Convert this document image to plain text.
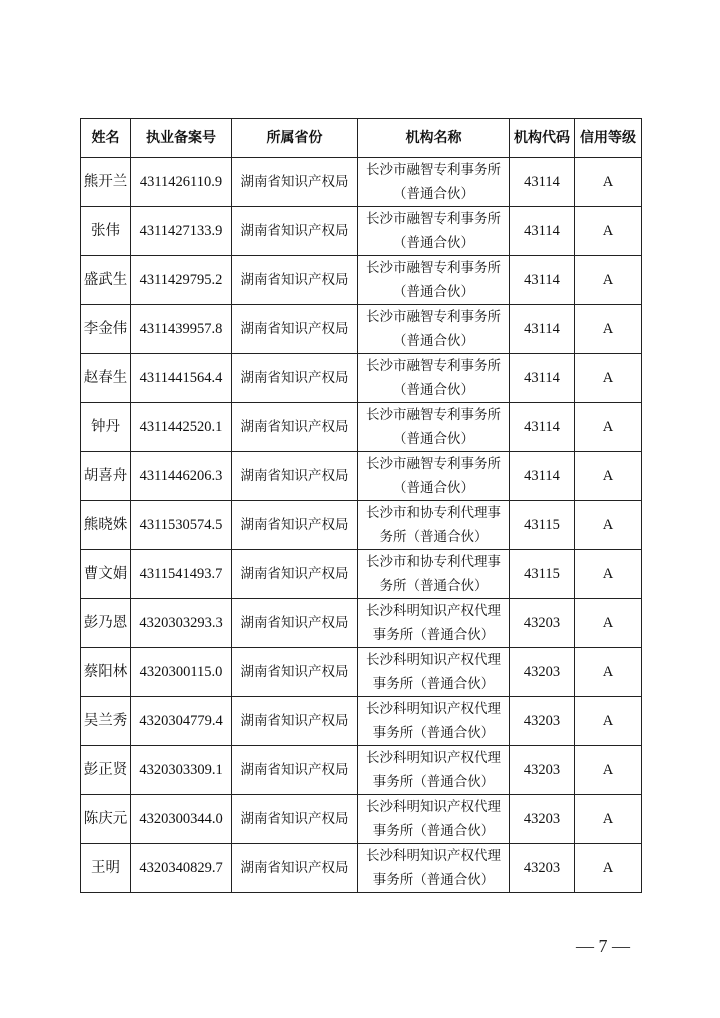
姓名	执业备案号	所属省份	机构名称	机构代码	信用等级
熊开兰	4311426110.9	湖南省知识产权局	长沙市融智专利事务所（普通合伙）	43114	A
张伟	4311427133.9	湖南省知识产权局	长沙市融智专利事务所（普通合伙）	43114	A
盛武生	4311429795.2	湖南省知识产权局	长沙市融智专利事务所（普通合伙）	43114	A
李金伟	4311439957.8	湖南省知识产权局	长沙市融智专利事务所（普通合伙）	43114	A
赵春生	4311441564.4	湖南省知识产权局	长沙市融智专利事务所（普通合伙）	43114	A
钟丹	4311442520.1	湖南省知识产权局	长沙市融智专利事务所（普通合伙）	43114	A
胡喜舟	4311446206.3	湖南省知识产权局	长沙市融智专利事务所（普通合伙）	43114	A
熊晓姝	4311530574.5	湖南省知识产权局	长沙市和协专利代理事务所（普通合伙）	43115	A
曹文娟	4311541493.7	湖南省知识产权局	长沙市和协专利代理事务所（普通合伙）	43115	A
彭乃恩	4320303293.3	湖南省知识产权局	长沙科明知识产权代理事务所（普通合伙）	43203	A
蔡阳林	4320300115.0	湖南省知识产权局	长沙科明知识产权代理事务所（普通合伙）	43203	A
吴兰秀	4320304779.4	湖南省知识产权局	长沙科明知识产权代理事务所（普通合伙）	43203	A
彭正贤	4320303309.1	湖南省知识产权局	长沙科明知识产权代理事务所（普通合伙）	43203	A
陈庆元	4320300344.0	湖南省知识产权局	长沙科明知识产权代理事务所（普通合伙）	43203	A
王明	4320340829.7	湖南省知识产权局	长沙科明知识产权代理事务所（普通合伙）	43203	A
— 7 —
